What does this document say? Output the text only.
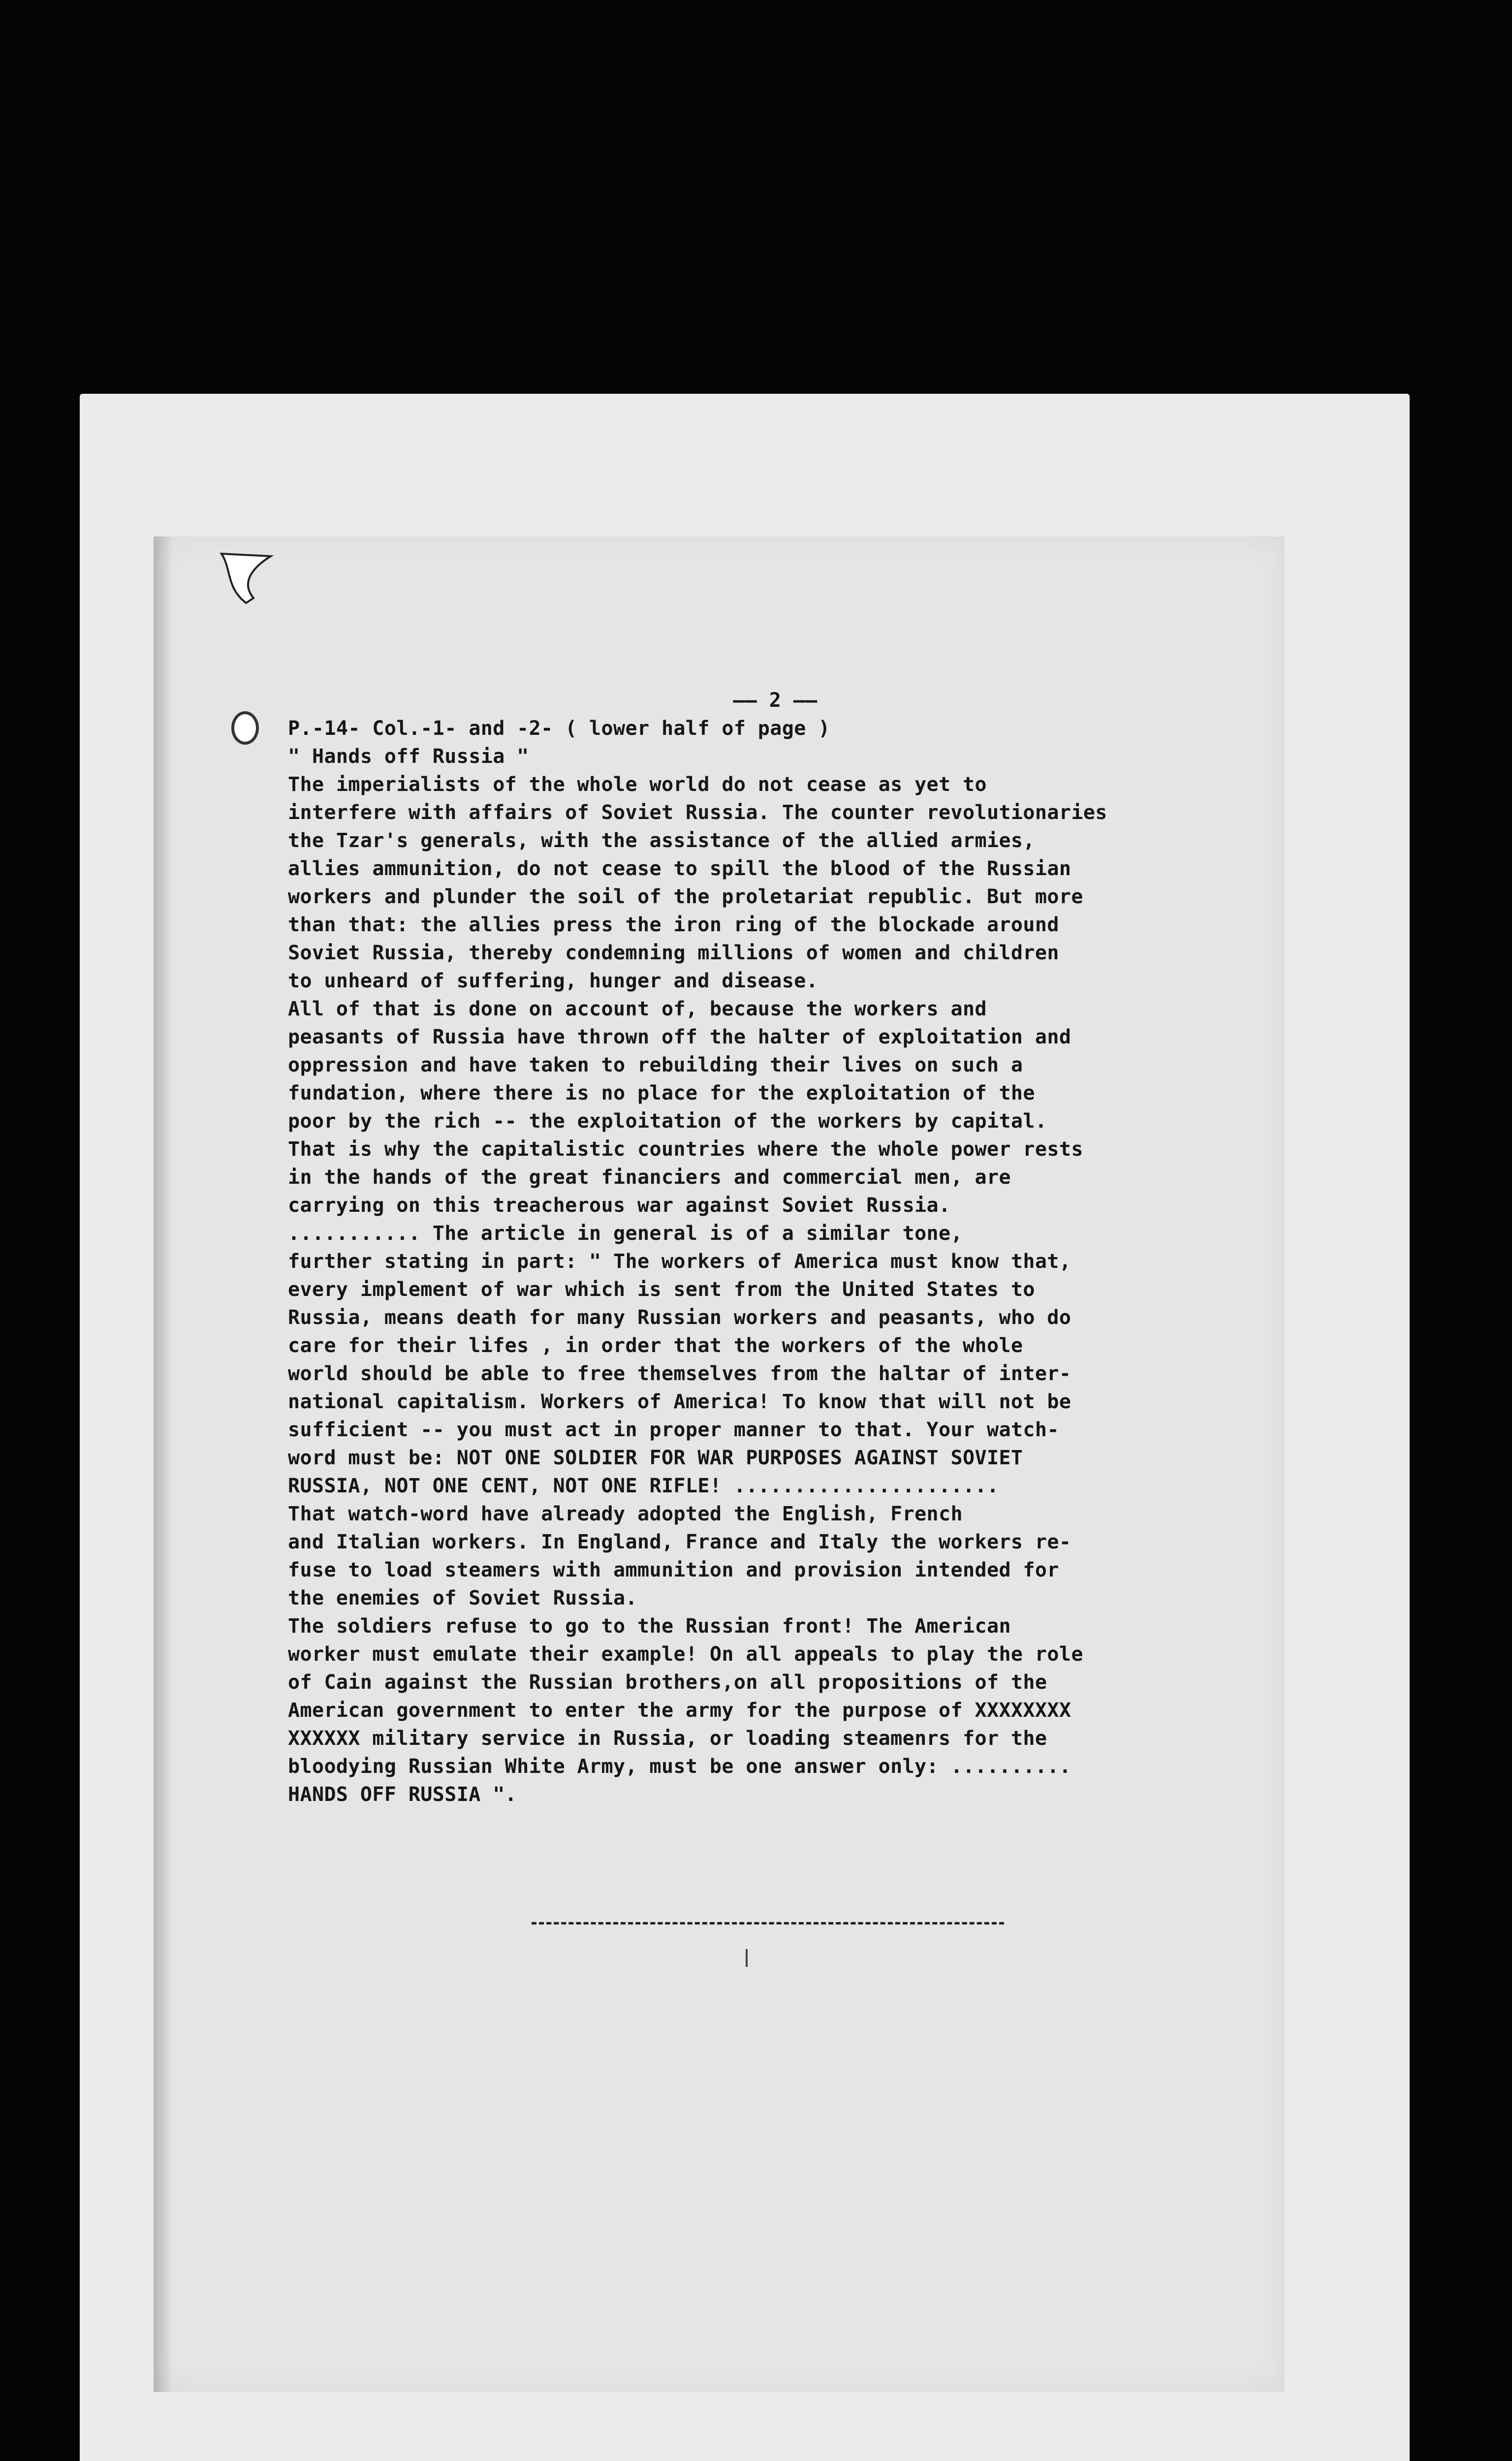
—— 2 ——

P.-14- Col.-1- and -2- ( lower half of page )

" Hands off Russia "

The imperialists of the whole world do not cease as yet to
interfere with affairs of Soviet Russia. The counter revolutionaries
the Tzar's generals, with the assistance of the allied armies,
allies ammunition, do not cease to spill the blood of the Russian
workers and plunder the soil of the proletariat republic. But more
than that: the allies press the iron ring of the blockade around
Soviet Russia, thereby condemning millions of women and children
to unheard of suffering, hunger and disease.

All of that is done on account of, because the workers and
peasants of Russia have thrown off the halter of exploitation and
oppression and have taken to rebuilding their lives on such a
fundation, where there is no place for the exploitation of the
poor by the rich -- the exploitation of the workers by capital.
That is why the capitalistic countries where the whole power rests
in the hands of the great financiers and commercial men, are
carrying on this treacherous war against Soviet Russia.
........... The article in general is of a similar tone,
further stating in part: " The workers of America must know that,
every implement of war which is sent from the United States to
Russia, means death for many Russian workers and peasants, who do
care for their lifes , in order that the workers of the whole
world should be able to free themselves from the haltar of inter-
national capitalism. Workers of America! To know that will not be
sufficient -- you must act in proper manner to that. Your watch-
word must be: NOT ONE SOLDIER FOR WAR PURPOSES AGAINST SOVIET
RUSSIA, NOT ONE CENT, NOT ONE RIFLE! ......................
That watch-word have already adopted the English, French
and Italian workers. In England, France and Italy the workers re-
fuse to load steamers with ammunition and provision intended for
the enemies of Soviet Russia.
The soldiers refuse to go to the Russian front! The American
worker must emulate their example! On all appeals to play the role
of Cain against the Russian brothers,on all propositions of the
American government to enter the army for the purpose of XXXXXXXX
XXXXXX military service in Russia, or loading steamenrs for the
bloodying Russian White Army, must be one answer only: ..........
HANDS OFF RUSSIA ".
